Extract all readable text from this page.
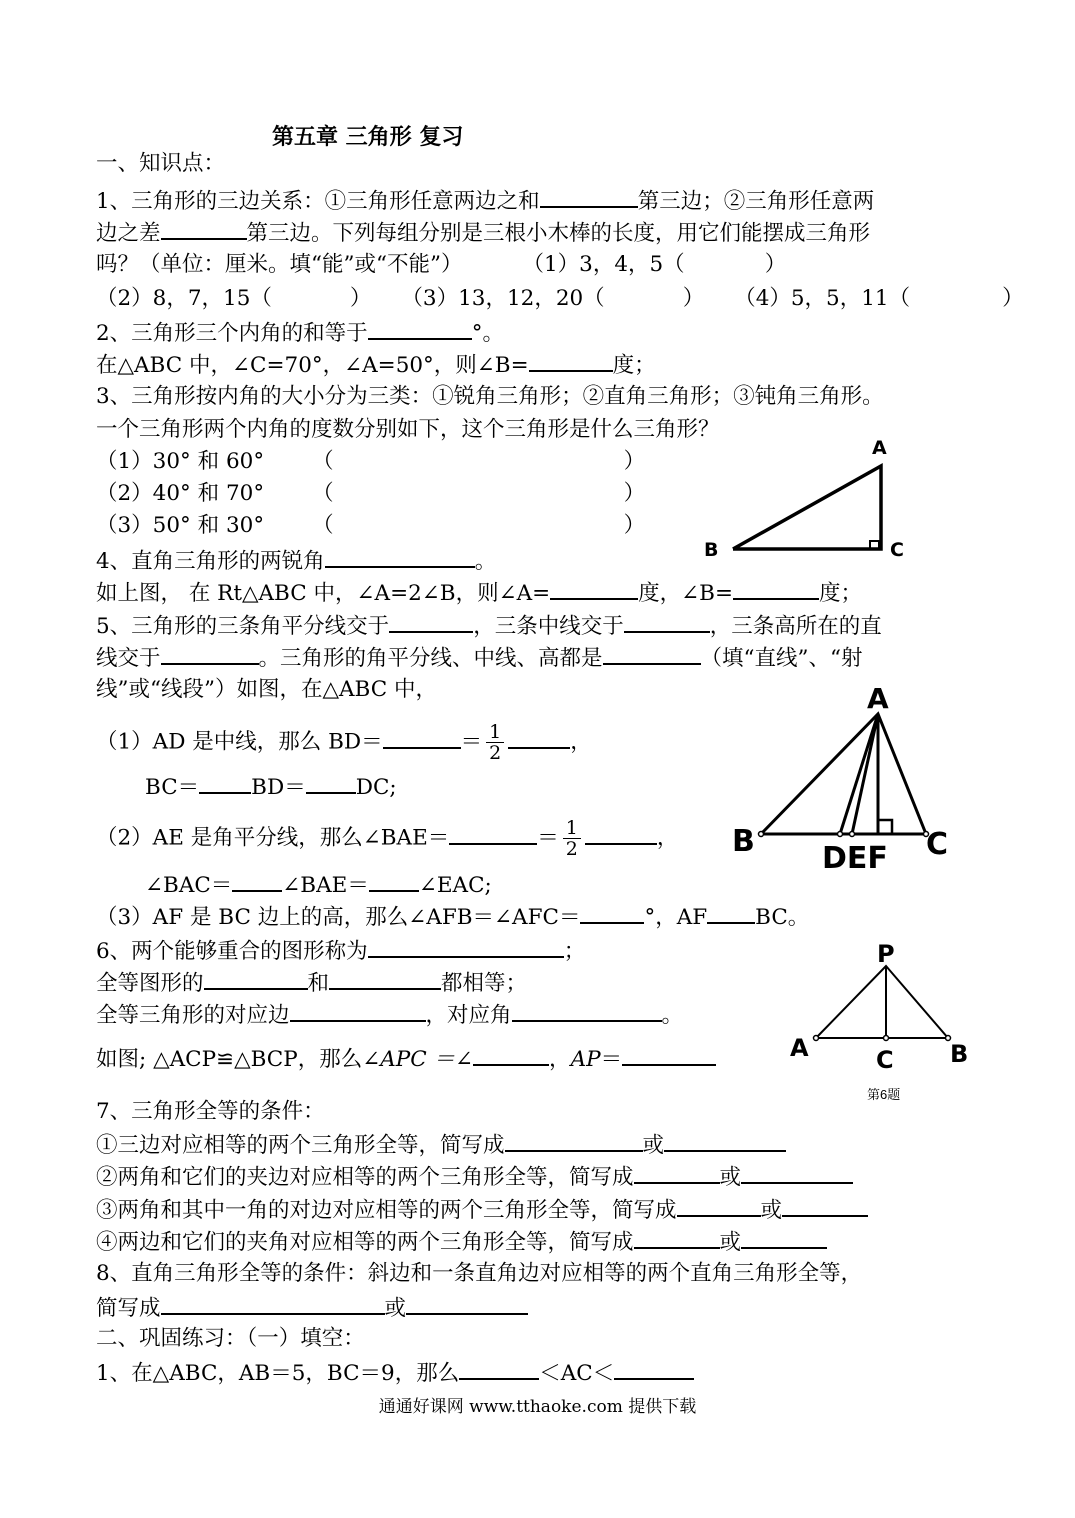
第五章 三角形 复习
一、知识点：
1、三角形的三边关系：①三角形任意两边之和	第三边；②三角形任意两
边之差	第三边。下列每组分别是三根小木棒的长度，用它们能摆成三角形
吗？（单位：厘米。填“能”或“不能”）	（1）3，4，5（	）
（2）8，7，15（	） （3）13，12，20（	） （4）5，5，11（	）
2、三角形三个内角的和等于	°。
在△ABC 中，∠C=70°，∠A=50°，则∠B=	度；
3、三角形按内角的大小分为三类：①锐角三角形；②直角三角形；③钝角三角形。
一个三角形两个内角的度数分别如下，这个三角形是什么三角形？
（1）30° 和 60° （	）
（2）40° 和 70° （	）
（3）50° 和 30° （	）
A
B	C
4、直角三角形的两锐角	。
如上图， 在 Rt△ABC 中，∠A=2∠B，则∠A=	度，∠B=	度；
5、三角形的三条角平分线交于	，三条中线交于	，三条高所在的直
线交于	。三角形的角平分线、中线、高都是	（填“直线”、“射
线”或“线段”）如图，在△ABC 中，
（1）AD 是中线，那么 BD＝	＝ $\frac{1}{2}$	，
BC＝ BD＝ DC;
（2）AE 是角平分线，那么∠BAE＝	＝ $\frac{1}{2}$	，
∠BAC＝ ∠BAE＝ ∠EAC;
（3）AF 是 BC 边上的高，那么∠AFB＝∠AFC＝	°，AF BC。
A
B	C
DEF
6、两个能够重合的图形称为	；
全等图形的	和	都相等；
全等三角形的对应边	，对应角	。
如图; △ACP≌△BCP，那么∠APC ＝∠	，AP＝
P
A	C B
第6题
7、三角形全等的条件：
①三边对应相等的两个三角形全等，简写成	或
②两角和它们的夹边对应相等的两个三角形全等，简写成	或
③两角和其中一角的对边对应相等的两个三角形全等，简写成	或
④两边和它们的夹角对应相等的两个三角形全等，简写成	或
8、直角三角形全等的条件：斜边和一条直角边对应相等的两个直角三角形全等，
简写成	或
二、巩固练习：（一）填空：
1、在△ABC，AB＝5，BC＝9，那么	＜AC＜
通通好课网 www.tthaoke.com 提供下载
